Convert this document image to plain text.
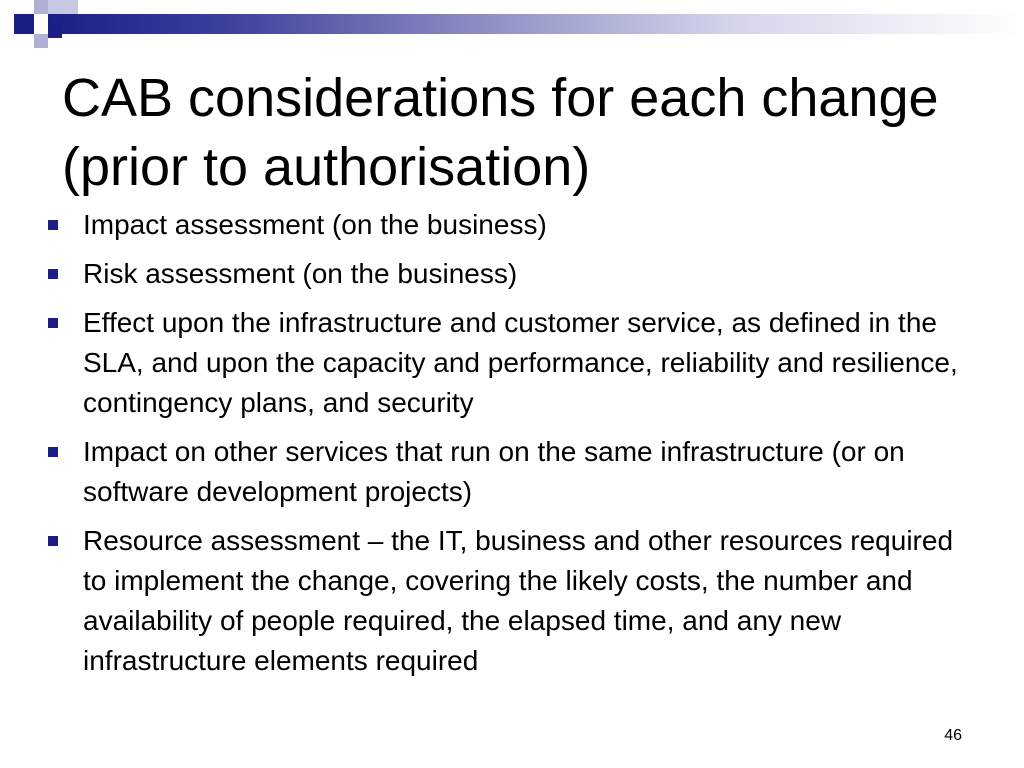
CAB considerations for each change (prior to authorisation)
Impact assessment (on the business)
Risk assessment (on the business)
Effect upon the infrastructure and customer service, as defined in the SLA, and upon the capacity and performance, reliability and resilience, contingency plans, and security
Impact on other services that run on the same infrastructure (or on software development projects)
Resource assessment – the IT, business and other resources required to implement the change, covering the likely costs, the number and availability of people required, the elapsed time, and any new infrastructure elements required
46
